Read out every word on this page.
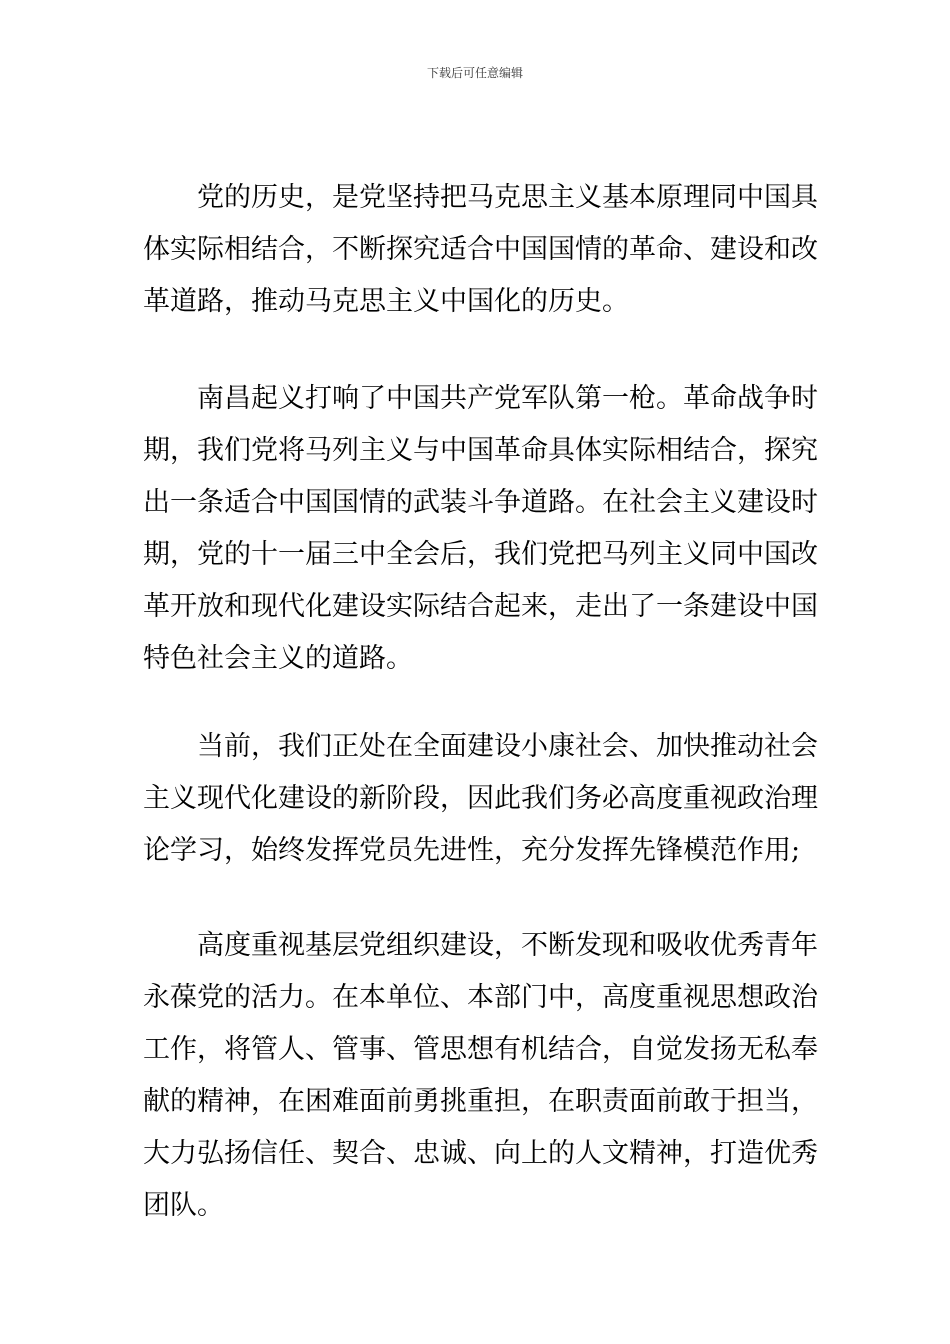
下载后可任意编辑
党的历史，是党坚持把马克思主义基本原理同中国具
体实际相结合，不断探究适合中国国情的革命、建设和改
革道路，推动马克思主义中国化的历史。
南昌起义打响了中国共产党军队第一枪。革命战争时
期，我们党将马列主义与中国革命具体实际相结合，探究
出一条适合中国国情的武装斗争道路。在社会主义建设时
期，党的十一届三中全会后，我们党把马列主义同中国改
革开放和现代化建设实际结合起来，走出了一条建设中国
特色社会主义的道路。
当前，我们正处在全面建设小康社会、加快推动社会
主义现代化建设的新阶段，因此我们务必高度重视政治理
论学习，始终发挥党员先进性，充分发挥先锋模范作用;
高度重视基层党组织建设，不断发现和吸收优秀青年
永葆党的活力。在本单位、本部门中，高度重视思想政治
工作，将管人、管事、管思想有机结合，自觉发扬无私奉
献的精神，在困难面前勇挑重担，在职责面前敢于担当，
大力弘扬信任、契合、忠诚、向上的人文精神，打造优秀
团队。
